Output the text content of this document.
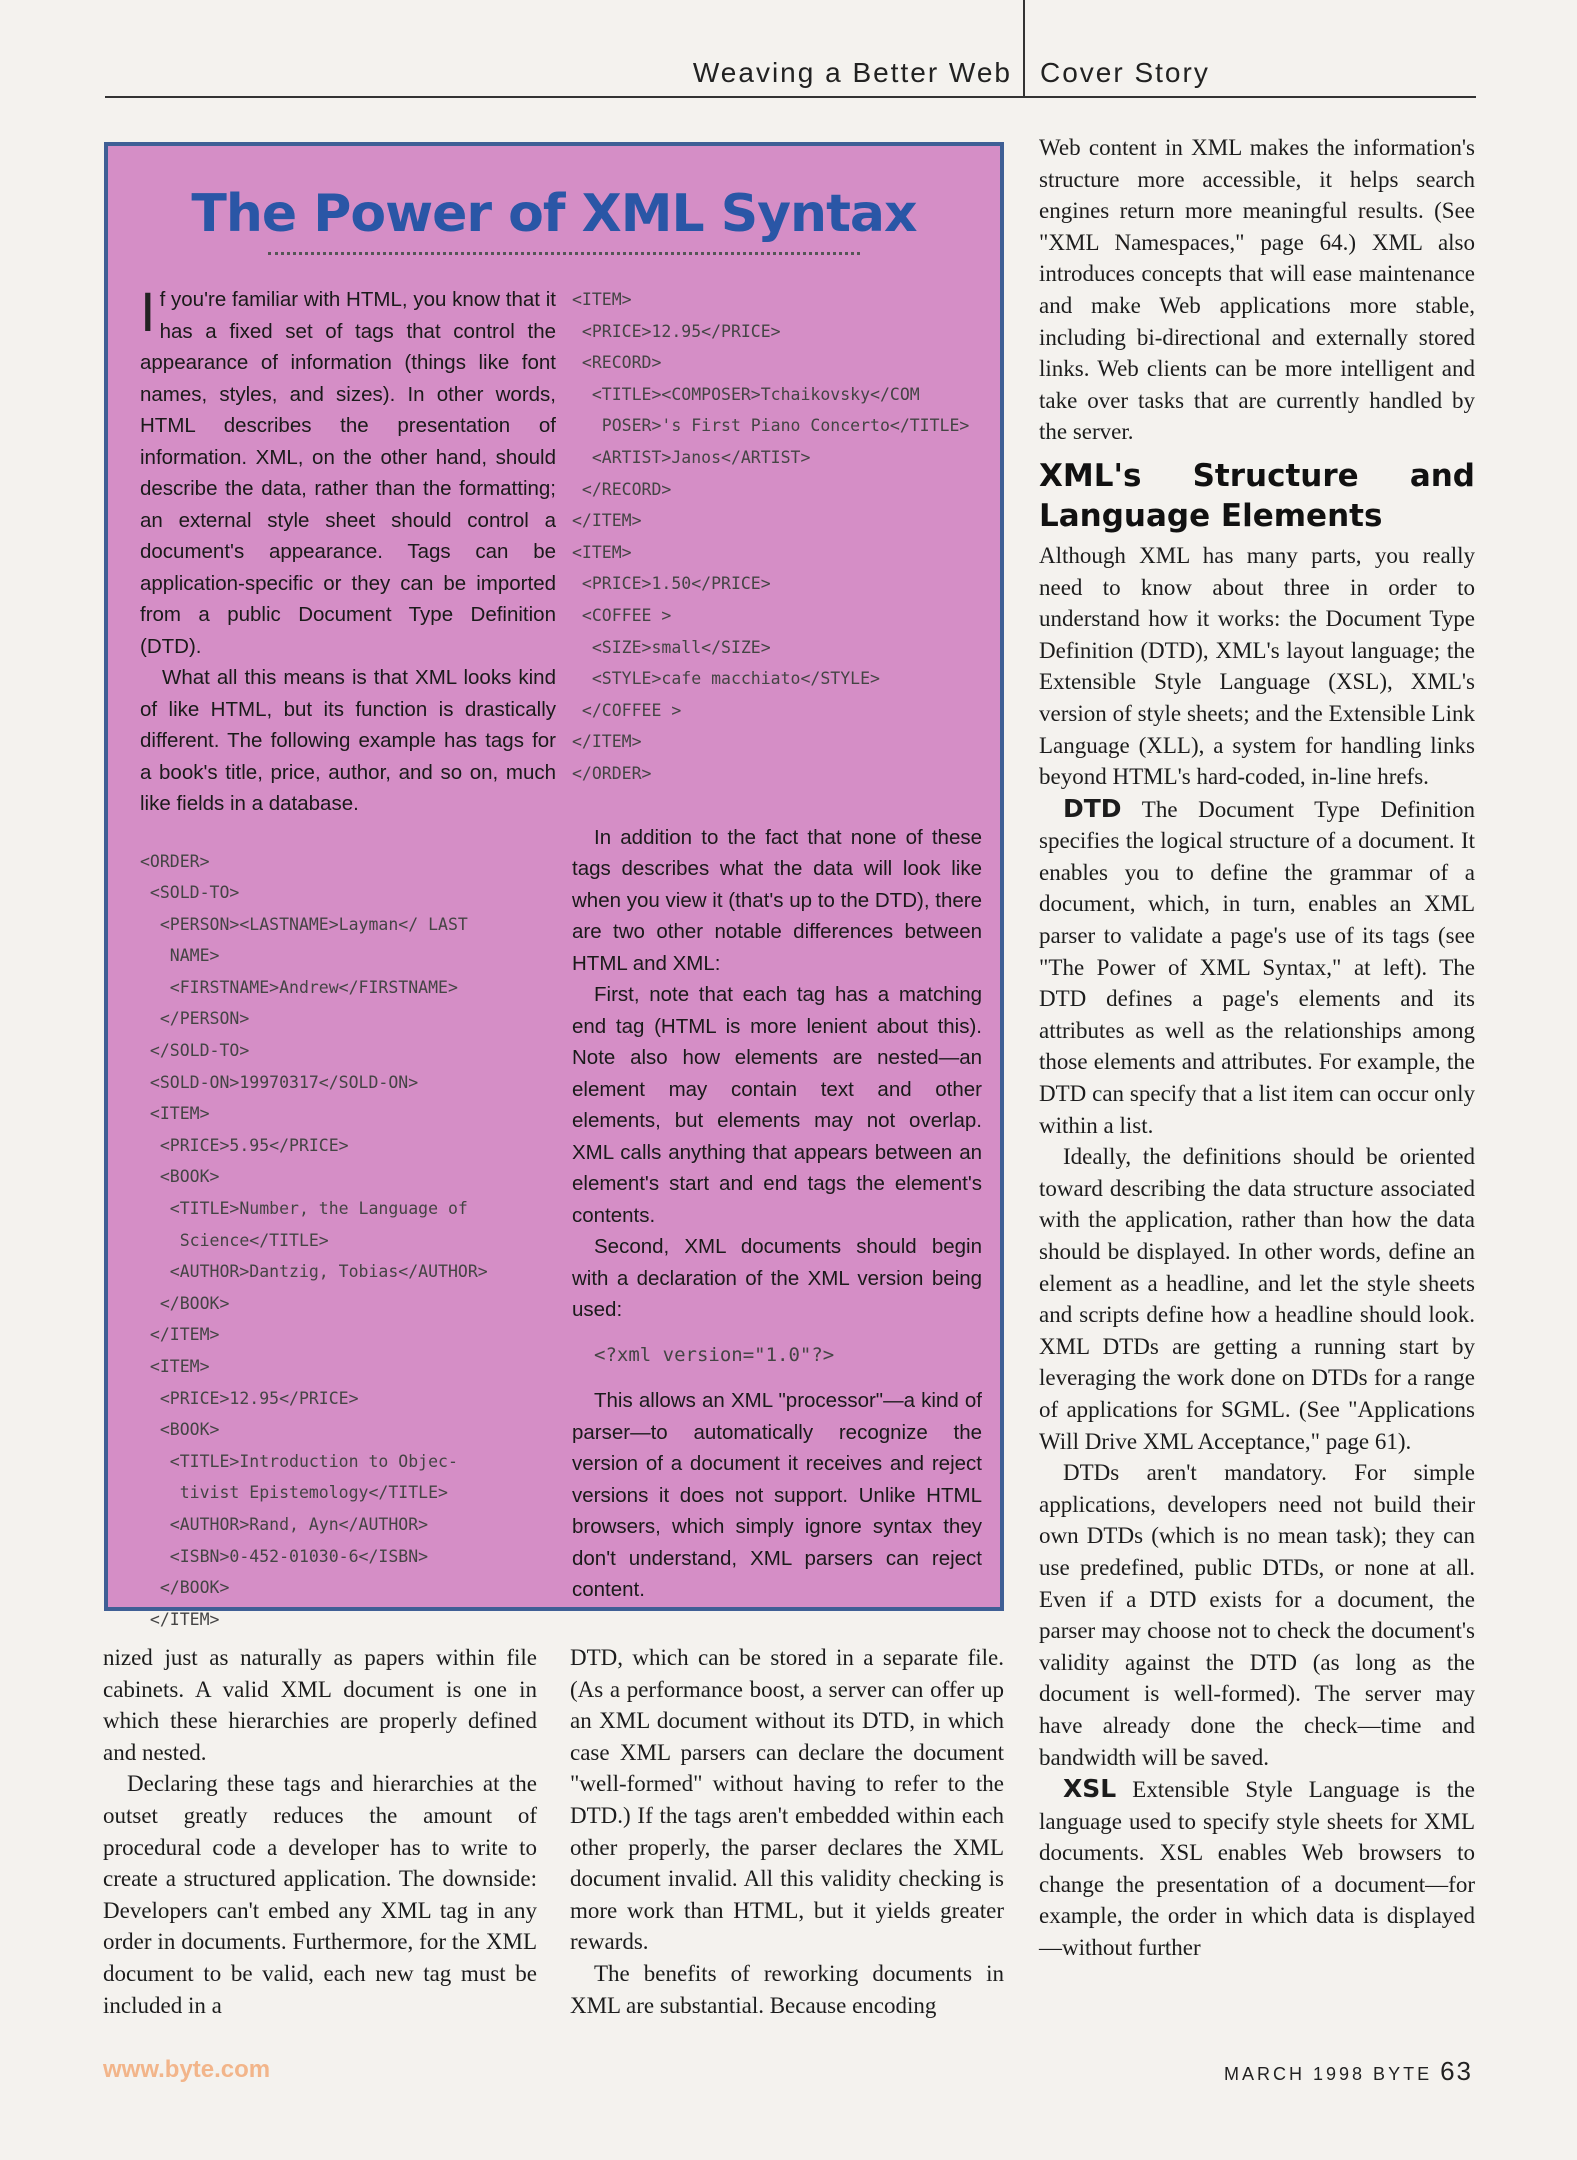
Weaving a Better Web Cover Story
The Power of XML Syntax

If you're familiar with HTML, you know that it has a fixed set of tags that control the appearance of information (things like font names, styles, and sizes). In other words, HTML describes the presentation of information. XML, on the other hand, should describe the data, rather than the formatting; an external style sheet should control a document's appearance. Tags can be application-specific or they can be imported from a public Document Type Definition (DTD).

What all this means is that XML looks kind of like HTML, but its function is drastically different. The following example has tags for a book's title, price, author, and so on, much like fields in a database.

<ORDER>
<SOLD-TO>
<PERSON><LASTNAME>Layman</ LAST
NAME>
<FIRSTNAME>Andrew</FIRSTNAME>
</PERSON>
</SOLD-TO>
<SOLD-ON>19970317</SOLD-ON>
<ITEM>
<PRICE>5.95</PRICE>
<BOOK>
<TITLE>Number, the Language of
Science</TITLE>
<AUTHOR>Dantzig, Tobias</AUTHOR>
</BOOK>
</ITEM>
<ITEM>
<PRICE>12.95</PRICE>
<BOOK>
<TITLE>Introduction to Objec-
tivist Epistemology</TITLE>
<AUTHOR>Rand, Ayn</AUTHOR>
<ISBN>0-452-01030-6</ISBN>
</BOOK>
</ITEM>
<ITEM>
<PRICE>12.95</PRICE>
<RECORD>
<TITLE><COMPOSER>Tchaikovsky</COM
POSER>'s First Piano Concerto</TITLE>
<ARTIST>Janos</ARTIST>
</RECORD>
</ITEM>
<ITEM>
<PRICE>1.50</PRICE>
<COFFEE >
<SIZE>small</SIZE>
<STYLE>cafe macchiato</STYLE>
</COFFEE >
</ITEM>
</ORDER>

In addition to the fact that none of these tags describes what the data will look like when you view it (that's up to the DTD), there are two other notable differences between HTML and XML:

First, note that each tag has a matching end tag (HTML is more lenient about this). Note also how elements are nested—an element may contain text and other elements, but elements may not overlap. XML calls anything that appears between an element's start and end tags the element's contents.

Second, XML documents should begin with a declaration of the XML version being used:

<?xml version="1.0"?>

This allows an XML "processor"—a kind of parser—to automatically recognize the version of a document it receives and reject versions it does not support. Unlike HTML browsers, which simply ignore syntax they don't understand, XML parsers can reject content.

nized just as naturally as papers within file cabinets. A valid XML document is one in which these hierarchies are properly defined and nested.

Declaring these tags and hierarchies at the outset greatly reduces the amount of procedural code a developer has to write to create a structured application. The downside: Developers can't embed any XML tag in any order in documents. Furthermore, for the XML document to be valid, each new tag must be included in a

DTD, which can be stored in a separate file. (As a performance boost, a server can offer up an XML document without its DTD, in which case XML parsers can declare the document "well-formed" without having to refer to the DTD.) If the tags aren't embedded within each other properly, the parser declares the XML document invalid. All this validity checking is more work than HTML, but it yields greater rewards.

The benefits of reworking documents in XML are substantial. Because encoding

Web content in XML makes the information's structure more accessible, it helps search engines return more meaningful results. (See "XML Namespaces," page 64.) XML also introduces concepts that will ease maintenance and make Web applications more stable, including bi-directional and externally stored links. Web clients can be more intelligent and take over tasks that are currently handled by the server.

XML's Structure and Language Elements

Although XML has many parts, you really need to know about three in order to understand how it works: the Document Type Definition (DTD), XML's layout language; the Extensible Style Language (XSL), XML's version of style sheets; and the Extensible Link Language (XLL), a system for handling links beyond HTML's hard-coded, in-line hrefs.

DTD The Document Type Definition specifies the logical structure of a document. It enables you to define the grammar of a document, which, in turn, enables an XML parser to validate a page's use of its tags (see "The Power of XML Syntax," at left). The DTD defines a page's elements and its attributes as well as the relationships among those elements and attributes. For example, the DTD can specify that a list item can occur only within a list.

Ideally, the definitions should be oriented toward describing the data structure associated with the application, rather than how the data should be displayed. In other words, define an element as a headline, and let the style sheets and scripts define how a headline should look. XML DTDs are getting a running start by leveraging the work done on DTDs for a range of applications for SGML. (See "Applications Will Drive XML Acceptance," page 61).

DTDs aren't mandatory. For simple applications, developers need not build their own DTDs (which is no mean task); they can use predefined, public DTDs, or none at all. Even if a DTD exists for a document, the parser may choose not to check the document's validity against the DTD (as long as the document is well-formed). The server may have already done the check—time and bandwidth will be saved.

XSL Extensible Style Language is the language used to specify style sheets for XML documents. XSL enables Web browsers to change the presentation of a document—for example, the order in which data is displayed—without further

www.byte.com	MARCH 1998 BYTE 63
